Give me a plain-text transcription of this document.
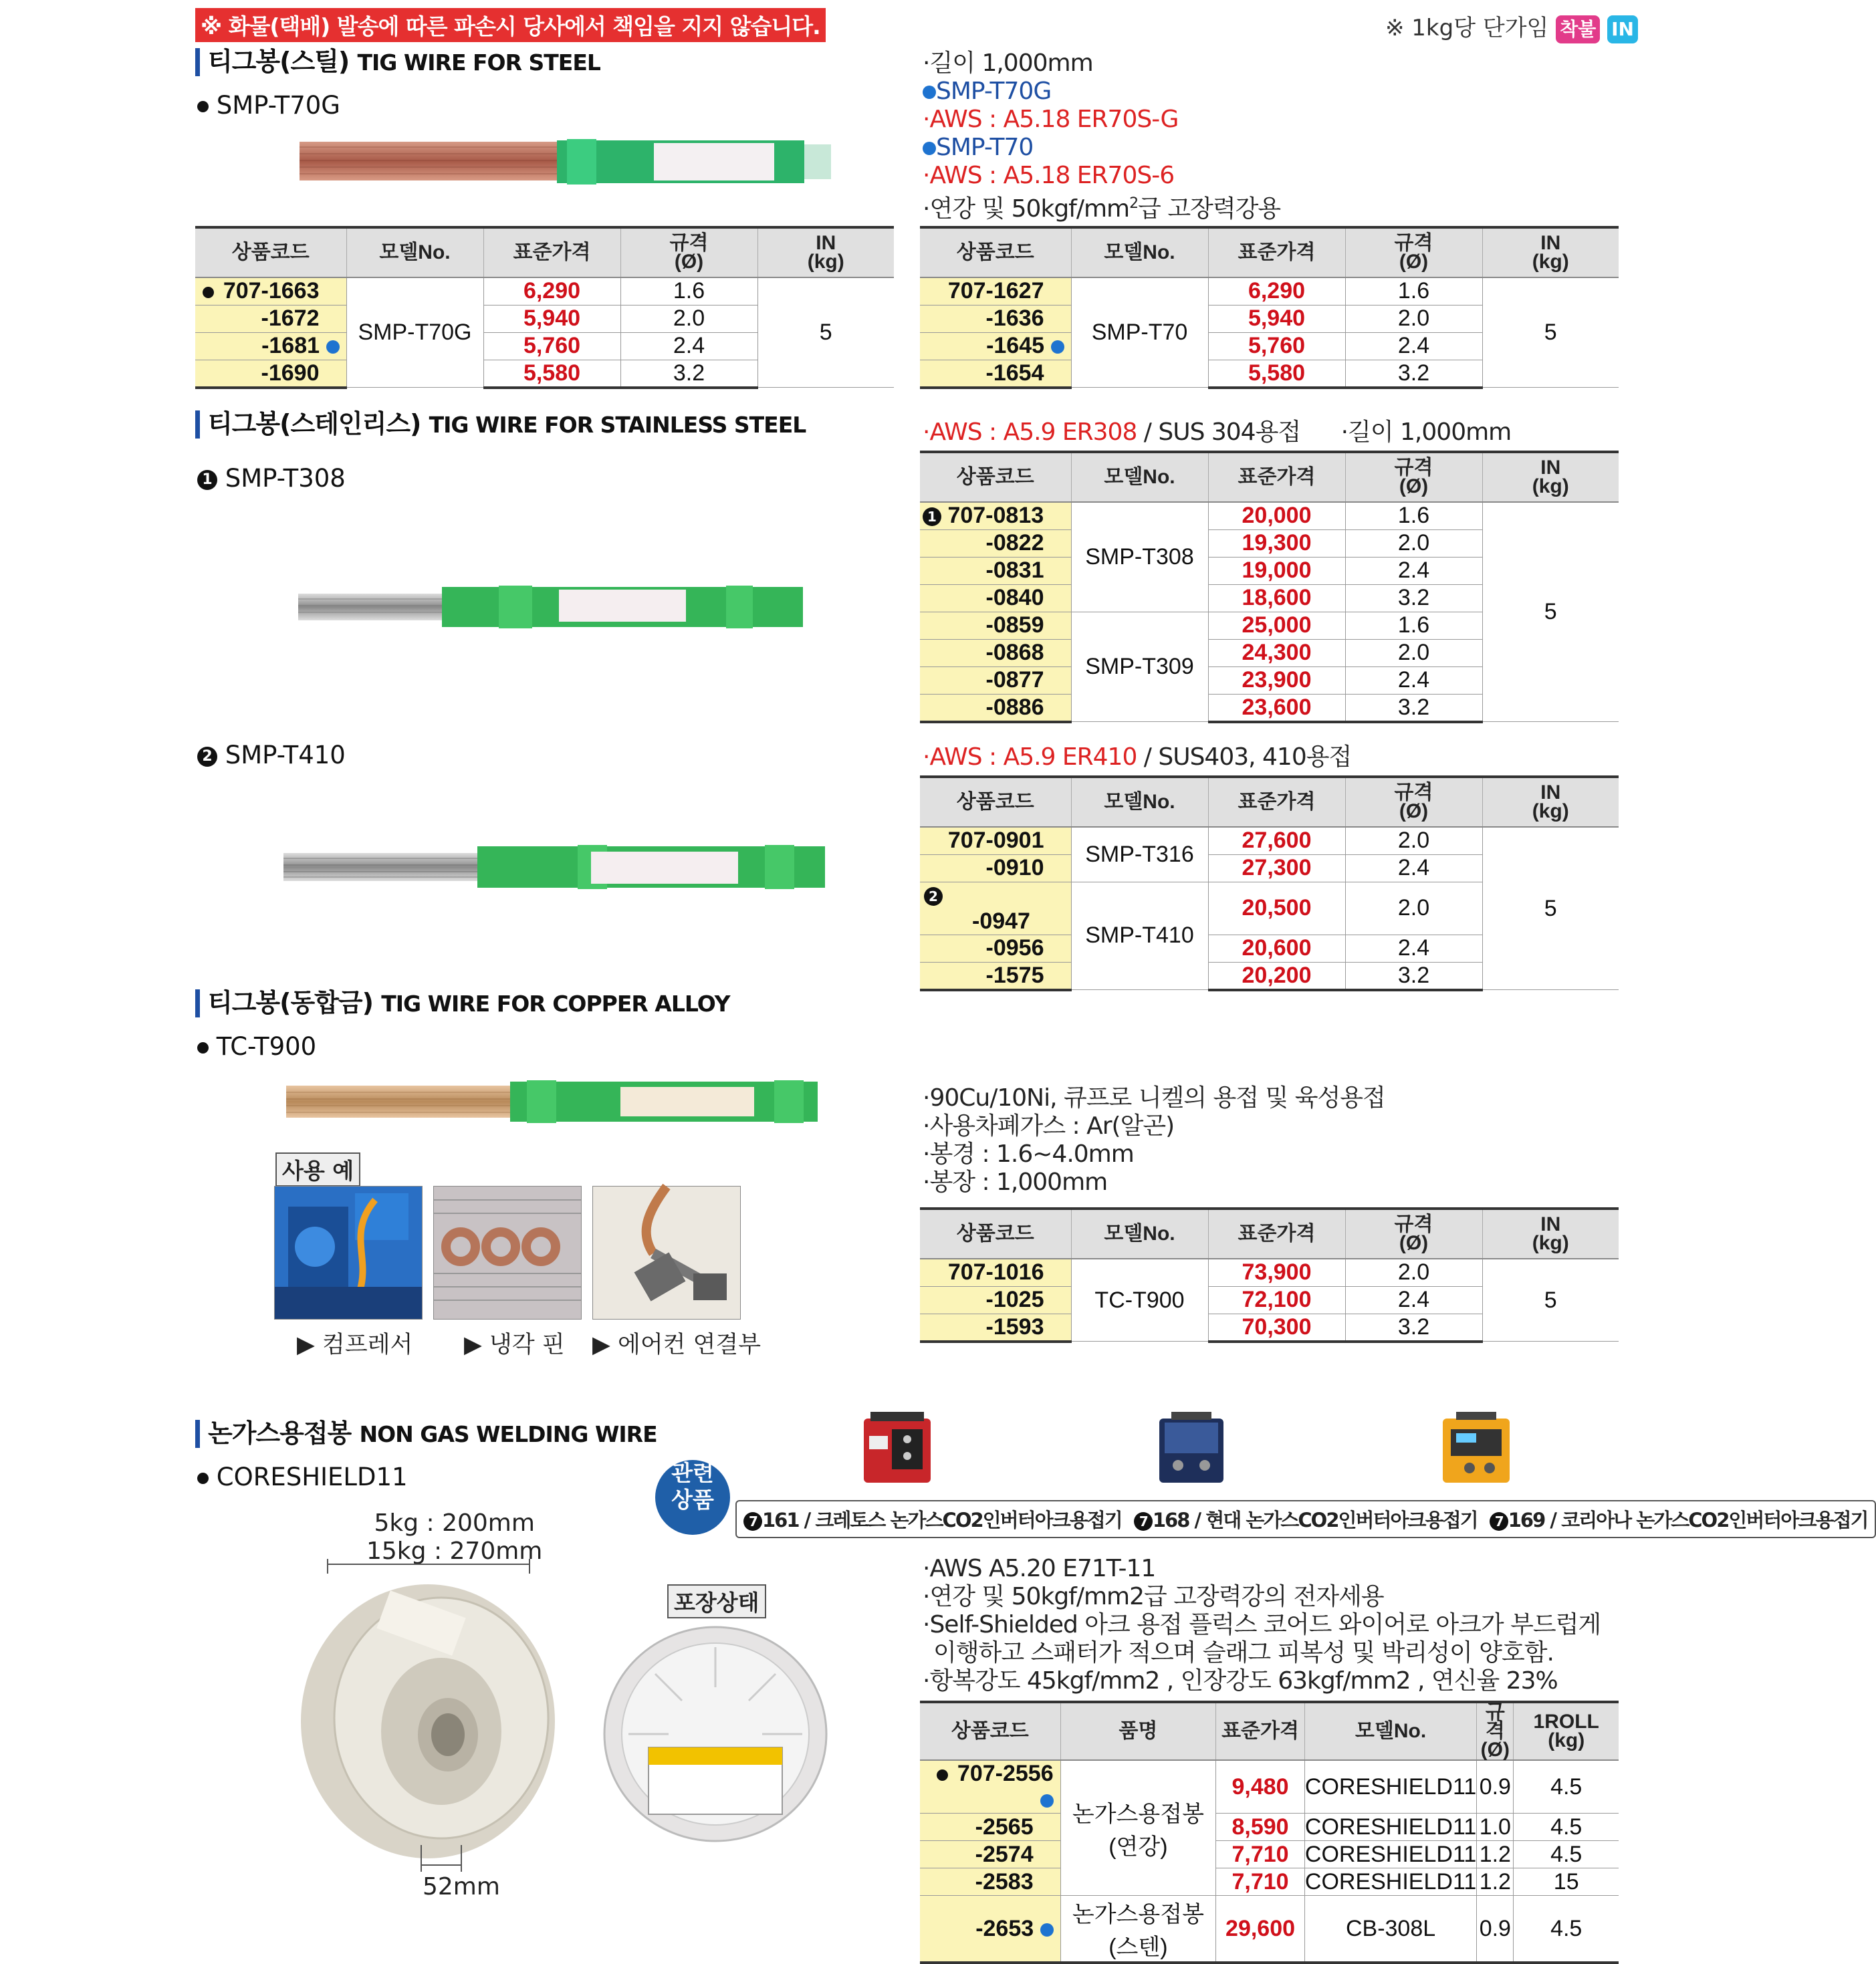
※ 화물(택배) 발송에 따른 파손시 당사에서 책임을 지지 않습니다.	※ 1kg당 단가임 착불 IN
티그봉(스틸) TIG WIRE FOR STEEL
SMP-T70G
·길이 1,000mm
SMP-T70G
·AWS : A5.18 ER70S-G
SMP-T70
·AWS : A5.18 ER70S-6
·연강 및 $50kgf/mm^2$급 고장력강용
상품코드	모델No.	표준가격	규격
(Ø)	IN
(kg)
707-1663	SMP-T70G	6,290	1.6	5
-1672		5,940	2.0	
-1681		5,760	2.4	
-1690		5,580	3.2	
상품코드	모델No.	표준가격	규격
(Ø)	IN
(kg)
707-1627	SMP-T70	6,290	1.6	5
-1636		5,940	2.0	
-1645		5,760	2.4	
-1654		5,580	3.2	
티그봉(스테인리스) TIG WIRE FOR STAINLESS STEEL
1 SMP-T308
·AWS : A5.9 ER308 / SUS 304용접 ·길이 1,000mm
상품코드	모델No.	표준가격	규격
(Ø)	IN
(kg)
1 707-0813	SMP-T308	20,000	1.6	5
-0822		19,300	2.0	
-0831		19,000	2.4	
-0840		18,600	3.2	
-0859	SMP-T309	25,000	1.6	
-0868		24,300	2.0	
-0877		23,900	2.4	
-0886		23,600	3.2	
2 SMP-T410	·AWS : A5.9 ER410 / SUS403, 410용접
상품코드	모델No.	표준가격	규격
(Ø)	IN
(kg)
707-0901	SMP-T316	27,600	2.0	5
-0910		27,300	2.4	
2-0947	SMP-T410	20,500	2.0	
-0956		20,600	2.4	
-1575		20,200	3.2	
티그봉(동합금) TIG WIRE FOR COPPER ALLOY
TC-T900
사용 예
▶ 컴프레서 ▶ 냉각 핀 ▶ 에어컨 연결부
·90Cu/10Ni, 큐프로 니켈의 용접 및 육성용접
·사용차폐가스 : Ar(알곤)
·봉경 : 1.6~4.0mm
·봉장 : 1,000mm
상품코드	모델No.	표준가격	규격
(Ø)	IN
(kg)
707-1016	TC-T900	73,900	2.0	5
-1025		72,100	2.4	
-1593		70,300	3.2	
논가스용접봉 NON GAS WELDING WIRE
CORESHIELD11	관련
상품
7 161 / 크레토스 논가스CO2인버터아크용접기 7 168 / 현대 논가스CO2인버터아크용접기 7 169 / 코리아나 논가스CO2인버터아크용접기
5kg : 200mm
15kg : 270mm
52mm
포장상태
·AWS A5.20 E71T-11
·연강 및 50kgf/mm2급 고장력강의 전자세용
·Self-Shielded 아크 용접 플럭스 코어드 와이어로 아크가 부드럽게
이행하고 스패터가 적으며 슬래그 피복성 및 박리성이 양호함.
·항복강도 45kgf/mm2 , 인장강도 63kgf/mm2 , 연신율 23%
상품코드	품명	표준가격	모델No.	규격
(Ø)	1ROLL
(kg)
707-2556	논가스용접봉(연강)	9,480	CORESHIELD11	0.9	4.5
-2565		8,590	CORESHIELD11	1.0	4.5
-2574		7,710	CORESHIELD11	1.2	4.5
-2583		7,710	CORESHIELD11	1.2	15
-2653	논가스용접봉(스텐)	29,600	CB-308L	0.9	4.5
